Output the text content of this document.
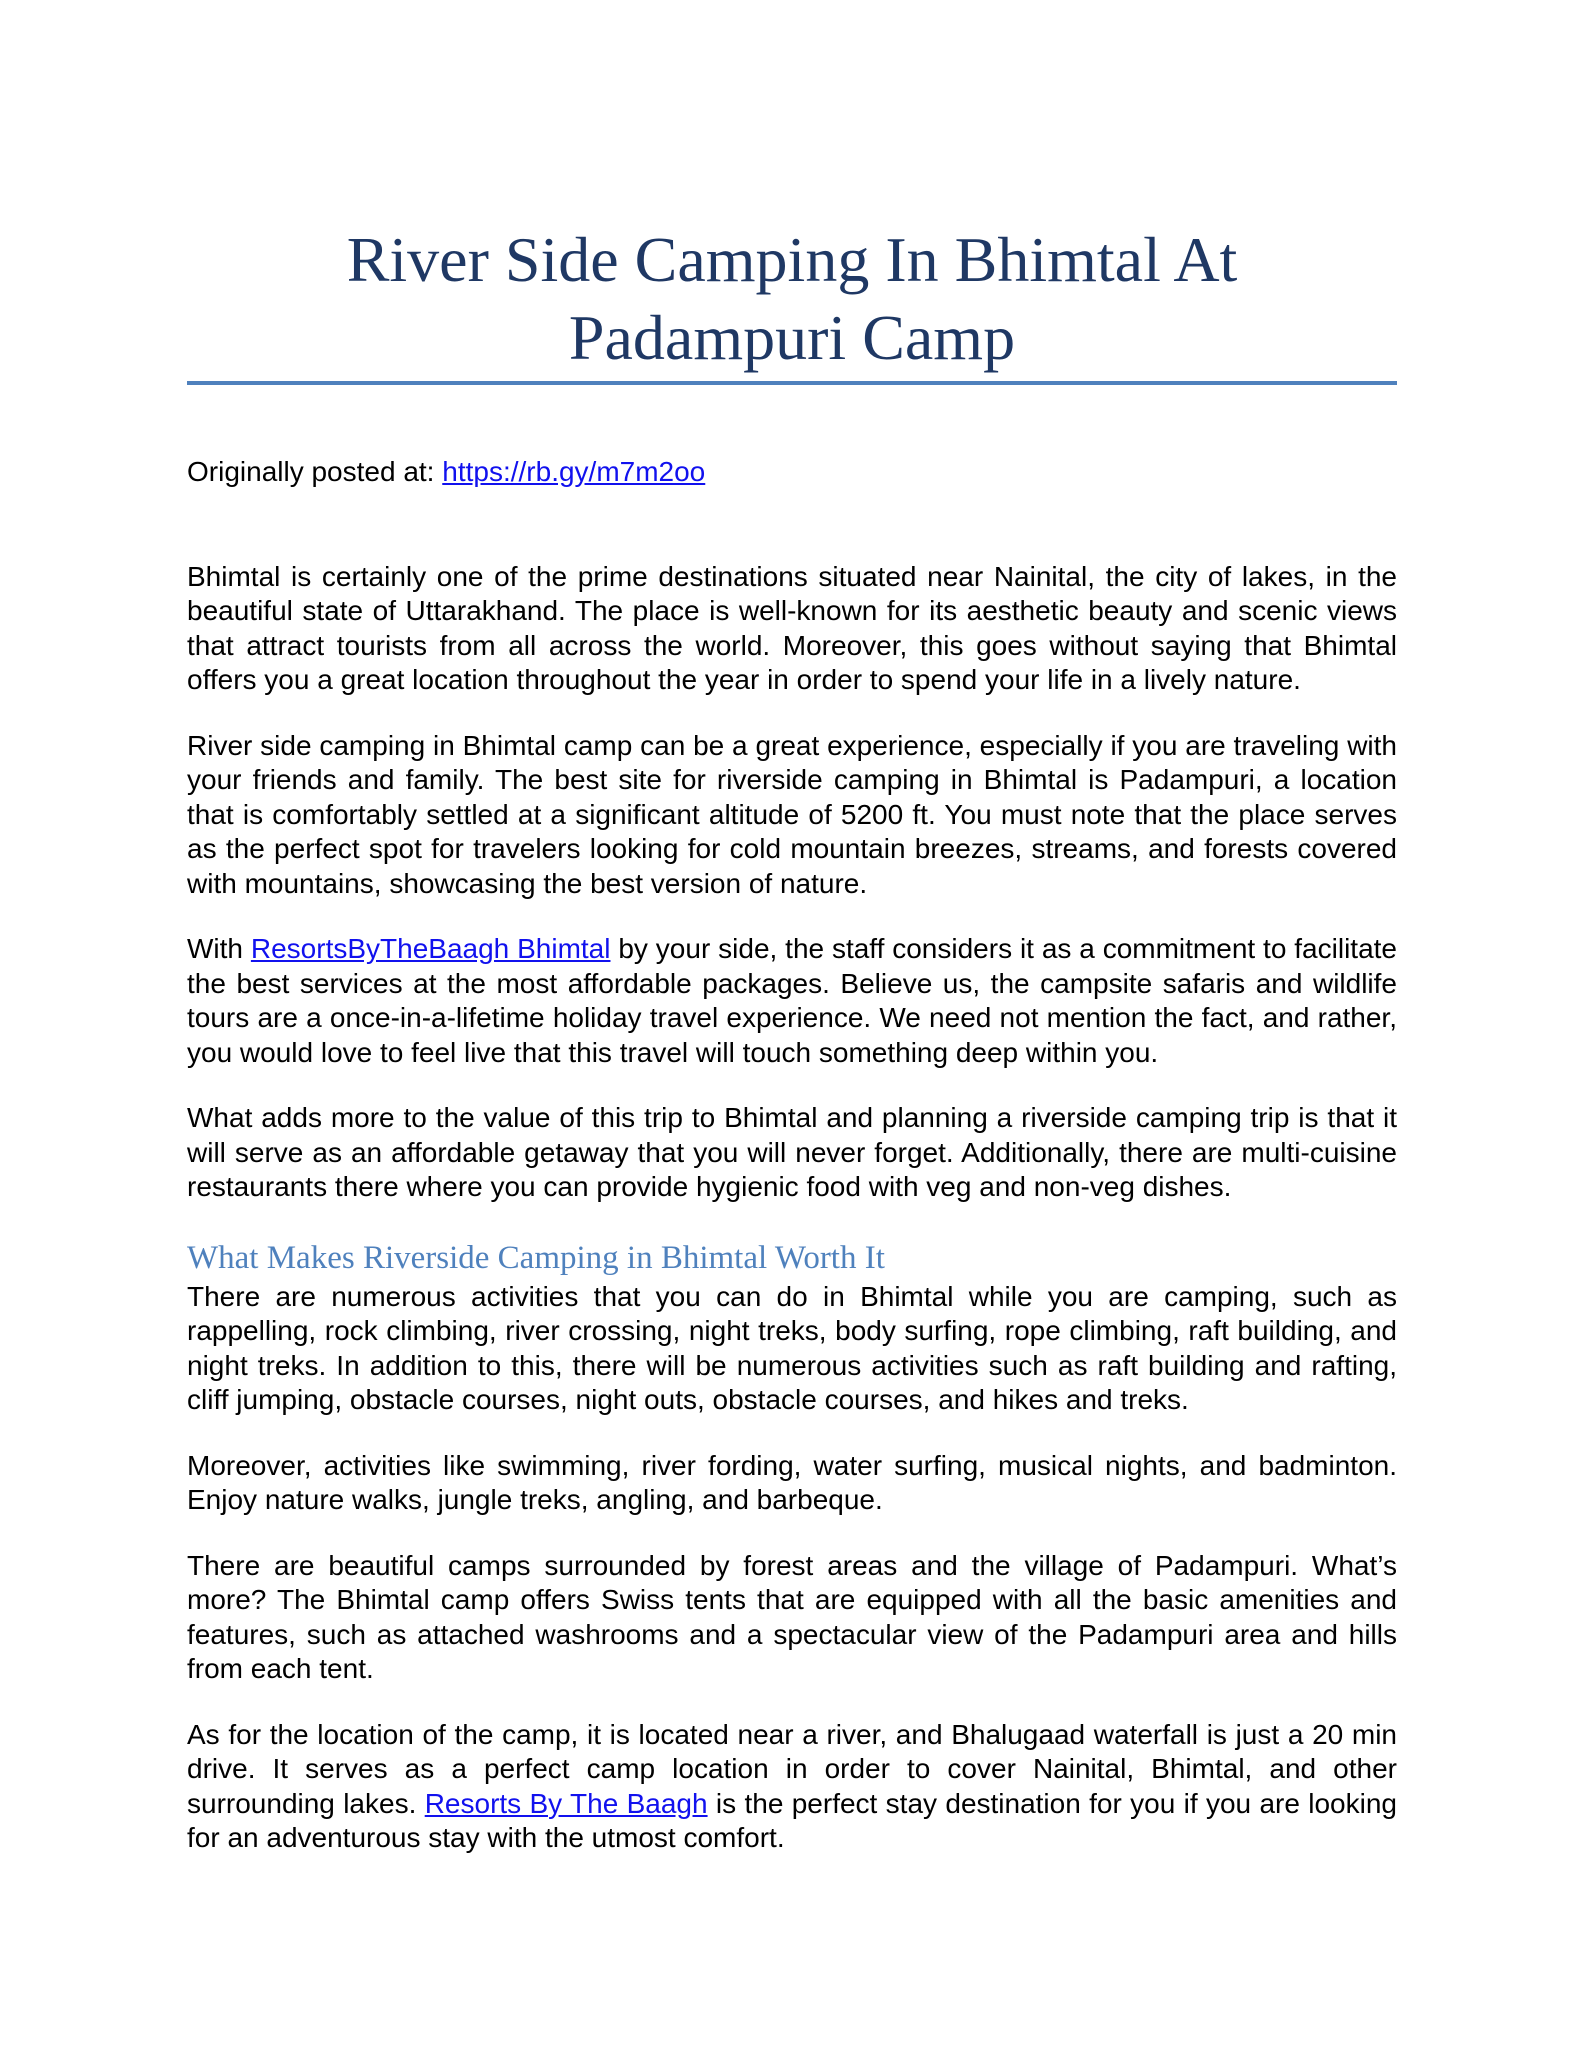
River Side Camping In Bhimtal At
Padampuri Camp

Originally posted at: https://rb.gy/m7m2oo

Bhimtal is certainly one of the prime destinations situated near Nainital, the city of lakes, in the beautiful state of Uttarakhand. The place is well-known for its aesthetic beauty and scenic views that attract tourists from all across the world. Moreover, this goes without saying that Bhimtal offers you a great location throughout the year in order to spend your life in a lively nature.

River side camping in Bhimtal camp can be a great experience, especially if you are traveling with your friends and family. The best site for riverside camping in Bhimtal is Padampuri, a location that is comfortably settled at a significant altitude of 5200 ft. You must note that the place serves as the perfect spot for travelers looking for cold mountain breezes, streams, and forests covered with mountains, showcasing the best version of nature.

With ResortsByTheBaagh Bhimtal by your side, the staff considers it as a commitment to facilitate the best services at the most affordable packages. Believe us, the campsite safaris and wildlife tours are a once-in-a-lifetime holiday travel experience. We need not mention the fact, and rather, you would love to feel live that this travel will touch something deep within you.

What adds more to the value of this trip to Bhimtal and planning a riverside camping trip is that it will serve as an affordable getaway that you will never forget. Additionally, there are multi-cuisine restaurants there where you can provide hygienic food with veg and non-veg dishes.

What Makes Riverside Camping in Bhimtal Worth It

There are numerous activities that you can do in Bhimtal while you are camping, such as rappelling, rock climbing, river crossing, night treks, body surfing, rope climbing, raft building, and night treks. In addition to this, there will be numerous activities such as raft building and rafting, cliff jumping, obstacle courses, night outs, obstacle courses, and hikes and treks.

Moreover, activities like swimming, river fording, water surfing, musical nights, and badminton. Enjoy nature walks, jungle treks, angling, and barbeque.

There are beautiful camps surrounded by forest areas and the village of Padampuri. What’s more? The Bhimtal camp offers Swiss tents that are equipped with all the basic amenities and features, such as attached washrooms and a spectacular view of the Padampuri area and hills from each tent.

As for the location of the camp, it is located near a river, and Bhalugaad waterfall is just a 20 min drive. It serves as a perfect camp location in order to cover Nainital, Bhimtal, and other surrounding lakes. Resorts By The Baagh is the perfect stay destination for you if you are looking for an adventurous stay with the utmost comfort.
